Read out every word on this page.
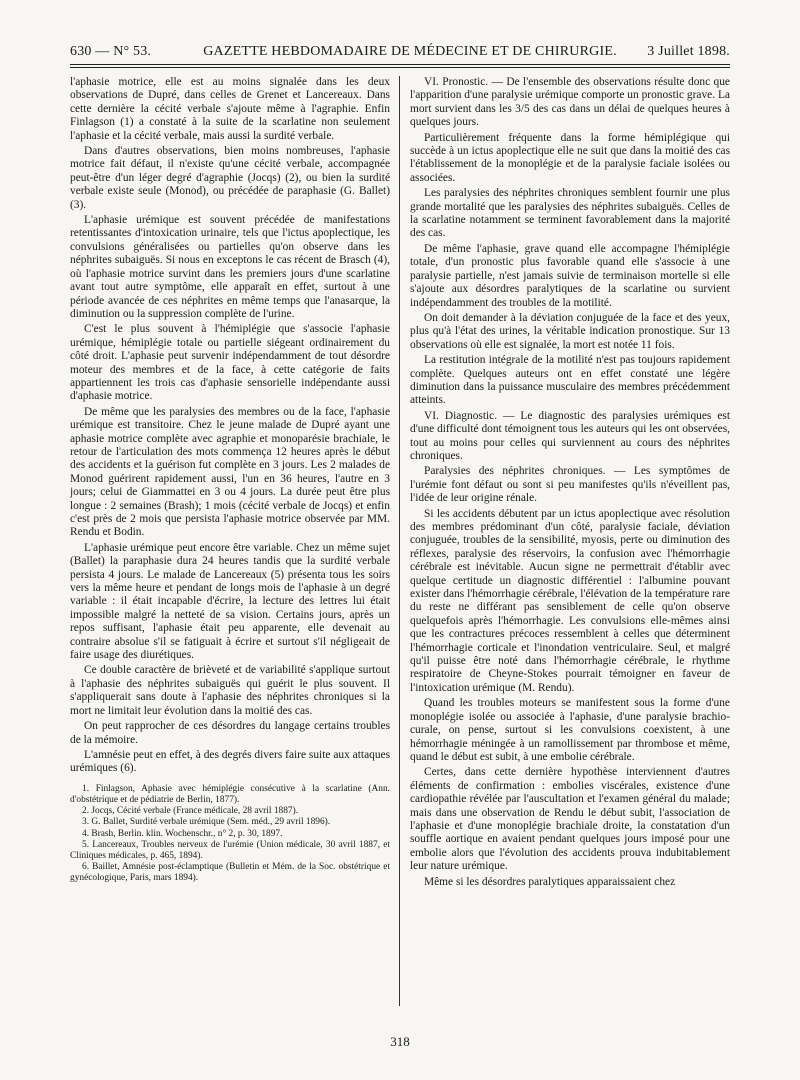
630 — N° 53.	GAZETTE HEBDOMADAIRE DE MÉDECINE ET DE CHIRURGIE. 3 Juillet 1898.

l'aphasie motrice, elle est au moins signalée dans les deux observations de Dupré, dans celles de Grenet et Lancereaux. Dans cette dernière la cécité verbale s'ajoute même à l'agraphie. Enfin Finlagson (1) a constaté à la suite de la scarlatine non seulement l'aphasie et la cécité verbale, mais aussi la surdité verbale.

Dans d'autres observations, bien moins nombreuses, l'aphasie motrice fait défaut, il n'existe qu'une cécité verbale, accompagnée peut-être d'un léger degré d'agraphie (Jocqs) (2), ou bien la surdité verbale existe seule (Monod), ou précédée de paraphasie (G. Ballet) (3).

L'aphasie urémique est souvent précédée de manifestations retentissantes d'intoxication urinaire, tels que l'ictus apoplectique, les convulsions généralisées ou partielles qu'on observe dans les néphrites subaiguës. Si nous en exceptons le cas récent de Brasch (4), où l'aphasie motrice survint dans les premiers jours d'une scarlatine avant tout autre symptôme, elle apparaît en effet, surtout à une période avancée de ces néphrites en même temps que l'anasarque, la diminution ou la suppression complète de l'urine.

C'est le plus souvent à l'hémiplégie que s'associe l'aphasie urémique, hémiplégie totale ou partielle siégeant ordinairement du côté droit. L'aphasie peut survenir indépendamment de tout désordre moteur des membres et de la face, à cette catégorie de faits appartiennent les trois cas d'aphasie sensorielle indépendante aussi d'aphasie motrice.

De même que les paralysies des membres ou de la face, l'aphasie urémique est transitoire. Chez le jeune malade de Dupré ayant une aphasie motrice complète avec agraphie et monoparésie brachiale, le retour de l'articulation des mots commença 12 heures après le début des accidents et la guérison fut complète en 3 jours. Les 2 malades de Monod guérirent rapidement aussi, l'un en 36 heures, l'autre en 3 jours; celui de Giammattei en 3 ou 4 jours. La durée peut être plus longue : 2 semaines (Brash); 1 mois (cécité verbale de Jocqs) et enfin c'est près de 2 mois que persista l'aphasie motrice observée par MM. Rendu et Bodin.

L'aphasie urémique peut encore être variable. Chez un même sujet (Ballet) la paraphasie dura 24 heures tandis que la surdité verbale persista 4 jours. Le malade de Lancereaux (5) présenta tous les soirs vers la même heure et pendant de longs mois de l'aphasie à un degré variable : il était incapable d'écrire, la lecture des lettres lui était impossible malgré la netteté de sa vision. Certains jours, après un repos suffisant, l'aphasie était peu apparente, elle devenait au contraire absolue s'il se fatiguait à écrire et surtout s'il négligeait de faire usage des diurétiques.

Ce double caractère de brièveté et de variabilité s'applique surtout à l'aphasie des néphrites subaiguës qui guérit le plus souvent. Il s'appliquerait sans doute à l'aphasie des néphrites chroniques si la mort ne limitait leur évolution dans la moitié des cas.

On peut rapprocher de ces désordres du langage certains troubles de la mémoire.

L'amnésie peut en effet, à des degrés divers faire suite aux attaques urémiques (6).

1. Finlagson, Aphasie avec hémiplégie consécutive à la scarlatine (Ann. d'obstétrique et de pédiatrie de Berlin, 1877).

2. Jocqs, Cécité verbale (France médicale, 28 avril 1887).

3. G. Ballet, Surdité verbale urémique (Sem. méd., 29 avril 1896).

4. Brash, Berlin. klin. Wochenschr., n° 2, p. 30, 1897.

5. Lancereaux, Troubles nerveux de l'urémie (Union médicale, 30 avril 1887, et Cliniques médicales, p. 465, 1894).

6. Baillet, Amnésie post-éclamptique (Bulletin et Mém. de la Soc. obstétrique et gynécologique, Paris, mars 1894).

VI. Pronostic. — De l'ensemble des observations résulte donc que l'apparition d'une paralysie urémique comporte un pronostic grave. La mort survient dans les 3/5 des cas dans un délai de quelques heures à quelques jours.

Particulièrement fréquente dans la forme hémiplégique qui succède à un ictus apoplectique elle ne suit que dans la moitié des cas l'établissement de la monoplégie et de la paralysie faciale isolées ou associées.

Les paralysies des néphrites chroniques semblent fournir une plus grande mortalité que les paralysies des néphrites subaiguës. Celles de la scarlatine notamment se terminent favorablement dans la majorité des cas.

De même l'aphasie, grave quand elle accompagne l'hémiplégie totale, d'un pronostic plus favorable quand elle s'associe à une paralysie partielle, n'est jamais suivie de terminaison mortelle si elle s'ajoute aux désordres paralytiques de la scarlatine ou survient indépendamment des troubles de la motilité.

On doit demander à la déviation conjuguée de la face et des yeux, plus qu'à l'état des urines, la véritable indication pronostique. Sur 13 observations où elle est signalée, la mort est notée 11 fois.

La restitution intégrale de la motilité n'est pas toujours rapidement complète. Quelques auteurs ont en effet constaté une légère diminution dans la puissance musculaire des membres précédemment atteints.

VI. Diagnostic. — Le diagnostic des paralysies urémiques est d'une difficulté dont témoignent tous les auteurs qui les ont observées, tout au moins pour celles qui surviennent au cours des néphrites chroniques.

Paralysies des néphrites chroniques. — Les symptômes de l'urémie font défaut ou sont si peu manifestes qu'ils n'éveillent pas, l'idée de leur origine rénale.

Si les accidents débutent par un ictus apoplectique avec résolution des membres prédominant d'un côté, paralysie faciale, déviation conjuguée, troubles de la sensibilité, myosis, perte ou diminution des réflexes, paralysie des réservoirs, la confusion avec l'hémorrhagie cérébrale est inévitable. Aucun signe ne permettrait d'établir avec quelque certitude un diagnostic différentiel : l'albumine pouvant exister dans l'hémorrhagie cérébrale, l'élévation de la température rare du reste ne différant pas sensiblement de celle qu'on observe quelquefois après l'hémorrhagie. Les convulsions elle-mêmes ainsi que les contractures précoces ressemblent à celles que déterminent l'hémorrhagie corticale et l'inondation ventriculaire. Seul, et malgré qu'il puisse être noté dans l'hémorrhagie cérébrale, le rhythme respiratoire de Cheyne-Stokes pourrait témoigner en faveur de l'intoxication urémique (M. Rendu).

Quand les troubles moteurs se manifestent sous la forme d'une monoplégie isolée ou associée à l'aphasie, d'une paralysie brachio-curale, on pense, surtout si les convulsions coexistent, à une hémorrhagie méningée à un ramollissement par thrombose et même, quand le début est subit, à une embolie cérébrale.

Certes, dans cette dernière hypothèse interviennent d'autres éléments de confirmation : embolies viscérales, existence d'une cardiopathie révélée par l'auscultation et l'examen général du malade; mais dans une observation de Rendu le début subit, l'association de l'aphasie et d'une monoplégie brachiale droite, la constatation d'un souffle aortique en avaient pendant quelques jours imposé pour une embolie alors que l'évolution des accidents prouva indubitablement leur nature urémique.

Même si les désordres paralytiques apparaissaient chez

318
